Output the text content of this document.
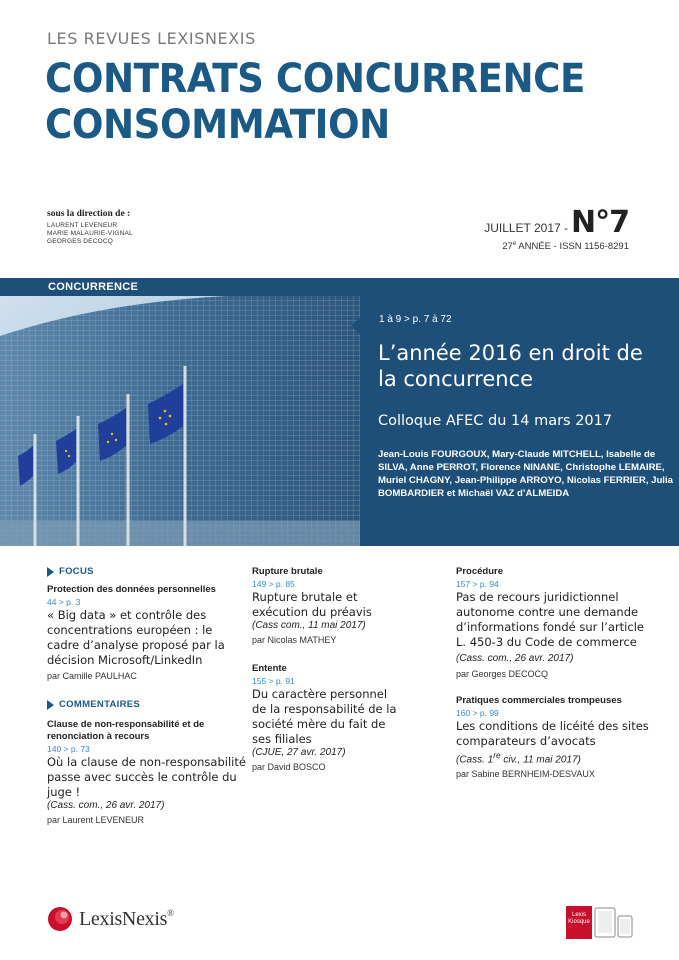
LES REVUES LEXISNEXIS
CONTRATS CONCURRENCE
CONSOMMATION
sous la direction de :
LAURENT LEVENEUR
MARIE MALAURIE-VIGNAL
GEORGES DECOCQ
JUILLET 2017 - N°7
27e ANNÉE - ISSN 1156-8291
CONCURRENCE
1 à 9 > p. 7 à 72
L’année 2016 en droit de la concurrence
Colloque AFEC du 14 mars 2017
Jean-Louis FOURGOUX, Mary-Claude MITCHELL, Isabelle de SILVA, Anne PERROT, Florence NINANE, Christophe LEMAIRE, Muriel CHAGNY, Jean-Philippe ARROYO, Nicolas FERRIER, Julia BOMBARDIER et Michaël VAZ d’ALMEIDA
FOCUS
Protection des données personnelles
44 > p. 3
« Big data » et contrôle des concentrations européen : le cadre d’analyse proposé par la décision Microsoft/LinkedIn
par Camille PAULHAC
COMMENTAIRES
Clause de non-responsabilité et de renonciation à recours
140 > p. 73
Où la clause de non-responsabilité passe avec succès le contrôle du juge !
(Cass. com., 26 avr. 2017)
par Laurent LEVENEUR
Rupture brutale
149 > p. 85
Rupture brutale et exécution du préavis
(Cass com., 11 mai 2017)
par Nicolas MATHEY
Entente
155 > p. 91
Du caractère personnel de la responsabilité de la société mère du fait de ses filiales
(CJUE, 27 avr. 2017)
par David BOSCO
Procédure
157 > p. 94
Pas de recours juridictionnel autonome contre une demande d’informations fondé sur l’article L. 450-3 du Code de commerce (Cass. com., 26 avr. 2017)
par Georges DECOCQ
Pratiques commerciales trompeuses
160 > p. 99
Les conditions de licéité des sites comparateurs d’avocats
(Cass. 1re civ., 11 mai 2017)
par Sabine BERNHEIM-DESVAUX
LexisNexis®	Lexis
Kiosque
